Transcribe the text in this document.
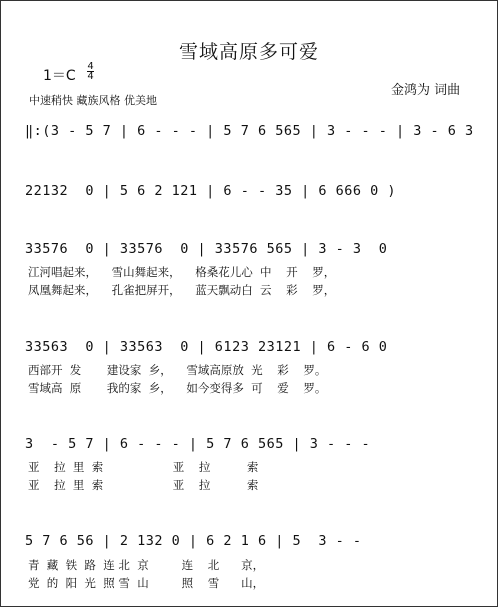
雪域高原多可爱
1＝C
4
4
中速稍快 藏族风格 优美地
金鸿为 词曲
‖:(3 - 5 7 | 6 - - - | 5 7 6 565 | 3 - - - | 3 - 6 3
22132  0 | 5 6 2 121 | 6 - - 35 | 6 666 0 )
33576  0 | 33576  0 | 33576 565 | 3 - 3  0
江河唱起来，    雪山舞起来，    格桑花儿心  中    开    罗，
凤凰舞起来，    孔雀把屏开，    蓝天飘动白  云    彩    罗，
33563  0 | 33563  0 | 6123 23121 | 6 - 6 0
西部开  发       建设家  乡，    雪域高原放  光    彩    罗。
雪域高  原       我的家  乡，    如今变得多  可    爱    罗。
3  - 5 7 | 6 - - - | 5 7 6 565 | 3 - - -
亚    拉  里  索                   亚    拉          索
亚    拉  里  索                   亚    拉          索
5 7 6 56 | 2 132 0 | 6 2 1 6 | 5  3 - -
青  藏  铁  路  连 北  京         连    北      京，
党  的  阳  光  照 雪  山         照    雪      山，
